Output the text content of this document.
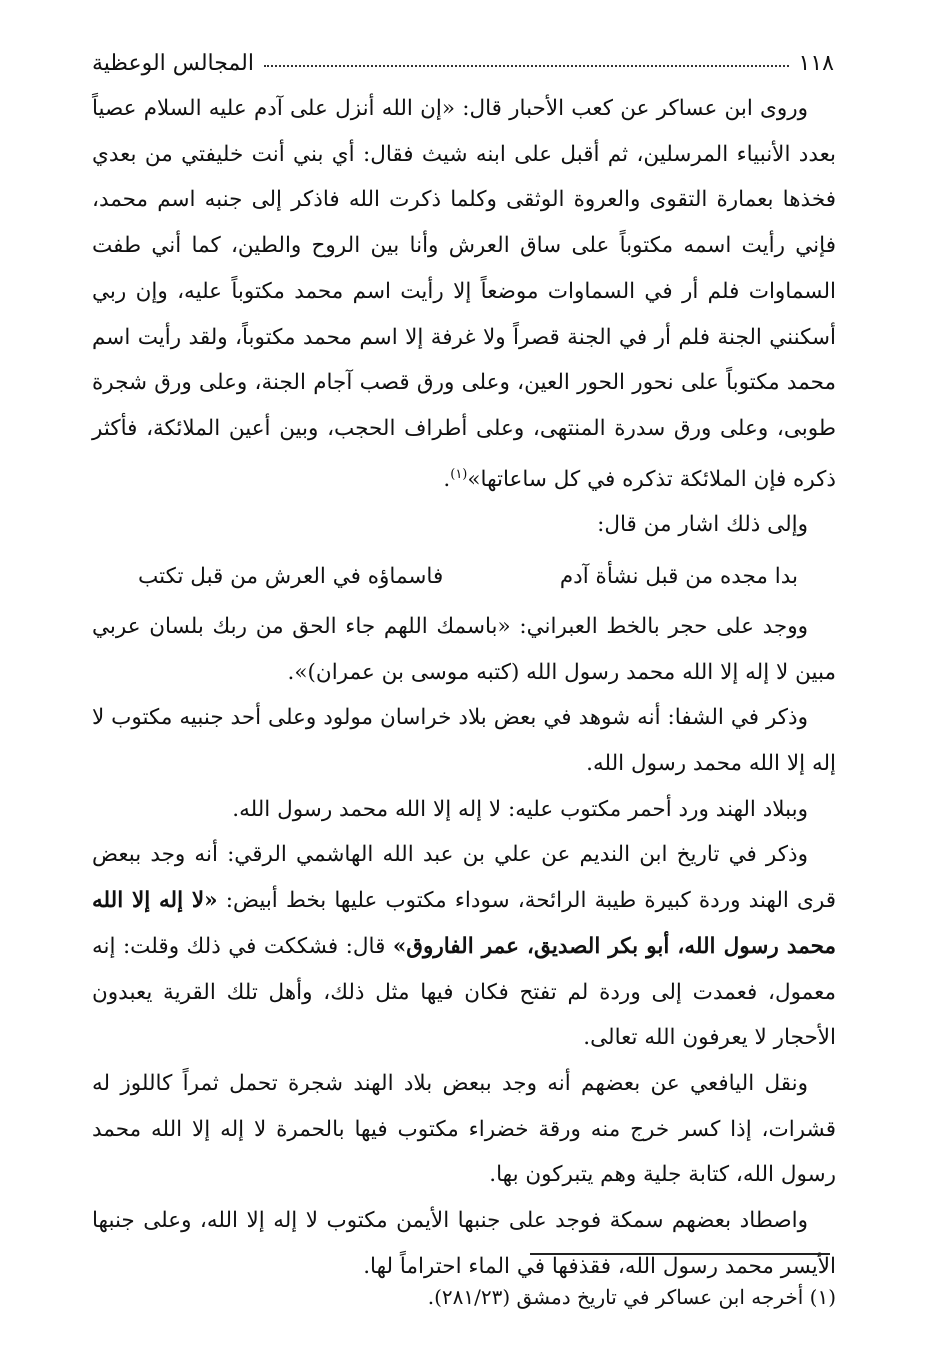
١١٨
المجالس الوعظية

وروى ابن عساكر عن كعب الأحبار قال: «إن الله أنزل على آدم عليه السلام عصياً بعدد الأنبياء المرسلين، ثم أقبل على ابنه شيث فقال: أي بني أنت خليفتي من بعدي فخذها بعمارة التقوى والعروة الوثقى وكلما ذكرت الله فاذكر إلى جنبه اسم محمد، فإني رأيت اسمه مكتوباً على ساق العرش وأنا بين الروح والطين، كما أني طفت السماوات فلم أر في السماوات موضعاً إلا رأيت اسم محمد مكتوباً عليه، وإن ربي أسكنني الجنة فلم أر في الجنة قصراً ولا غرفة إلا اسم محمد مكتوباً، ولقد رأيت اسم محمد مكتوباً على نحور الحور العين، وعلى ورق قصب آجام الجنة، وعلى ورق شجرة طوبى، وعلى ورق سدرة المنتهى، وعلى أطراف الحجب، وبين أعين الملائكة، فأكثر ذكره فإن الملائكة تذكره في كل ساعاتها»$^{(١)}$.

وإلى ذلك اشار من قال:

بدا مجده من قبل نشأة آدم
فاسماؤه في العرش من قبل تكتب

ووجد على حجر بالخط العبراني: «باسمك اللهم جاء الحق من ربك بلسان عربي مبين لا إله إلا الله محمد رسول الله (كتبه موسى بن عمران)».

وذكر في الشفا: أنه شوهد في بعض بلاد خراسان مولود وعلى أحد جنبيه مكتوب لا إله إلا الله محمد رسول الله.

وببلاد الهند ورد أحمر مكتوب عليه: لا إله إلا الله محمد رسول الله.

وذكر في تاريخ ابن النديم عن علي بن عبد الله الهاشمي الرقي: أنه وجد ببعض قرى الهند وردة كبيرة طيبة الرائحة، سوداء مكتوب عليها بخط أبيض: «لا إله إلا الله محمد رسول الله، أبو بكر الصديق، عمر الفاروق» قال: فشككت في ذلك وقلت: إنه معمول، فعمدت إلى وردة لم تفتح فكان فيها مثل ذلك، وأهل تلك القرية يعبدون الأحجار لا يعرفون الله تعالى.

ونقل اليافعي عن بعضهم أنه وجد ببعض بلاد الهند شجرة تحمل ثمراً كاللوز له قشرات، إذا كسر خرج منه ورقة خضراء مكتوب فيها بالحمرة لا إله إلا الله محمد رسول الله، كتابة جلية وهم يتبركون بها.

واصطاد بعضهم سمكة فوجد على جنبها الأيمن مكتوب لا إله إلا الله، وعلى جنبها الأيسر محمد رسول الله، فقذفها في الماء احتراماً لها.

(١) أخرجه ابن عساكر في تاريخ دمشق (٢٨١/٢٣).
